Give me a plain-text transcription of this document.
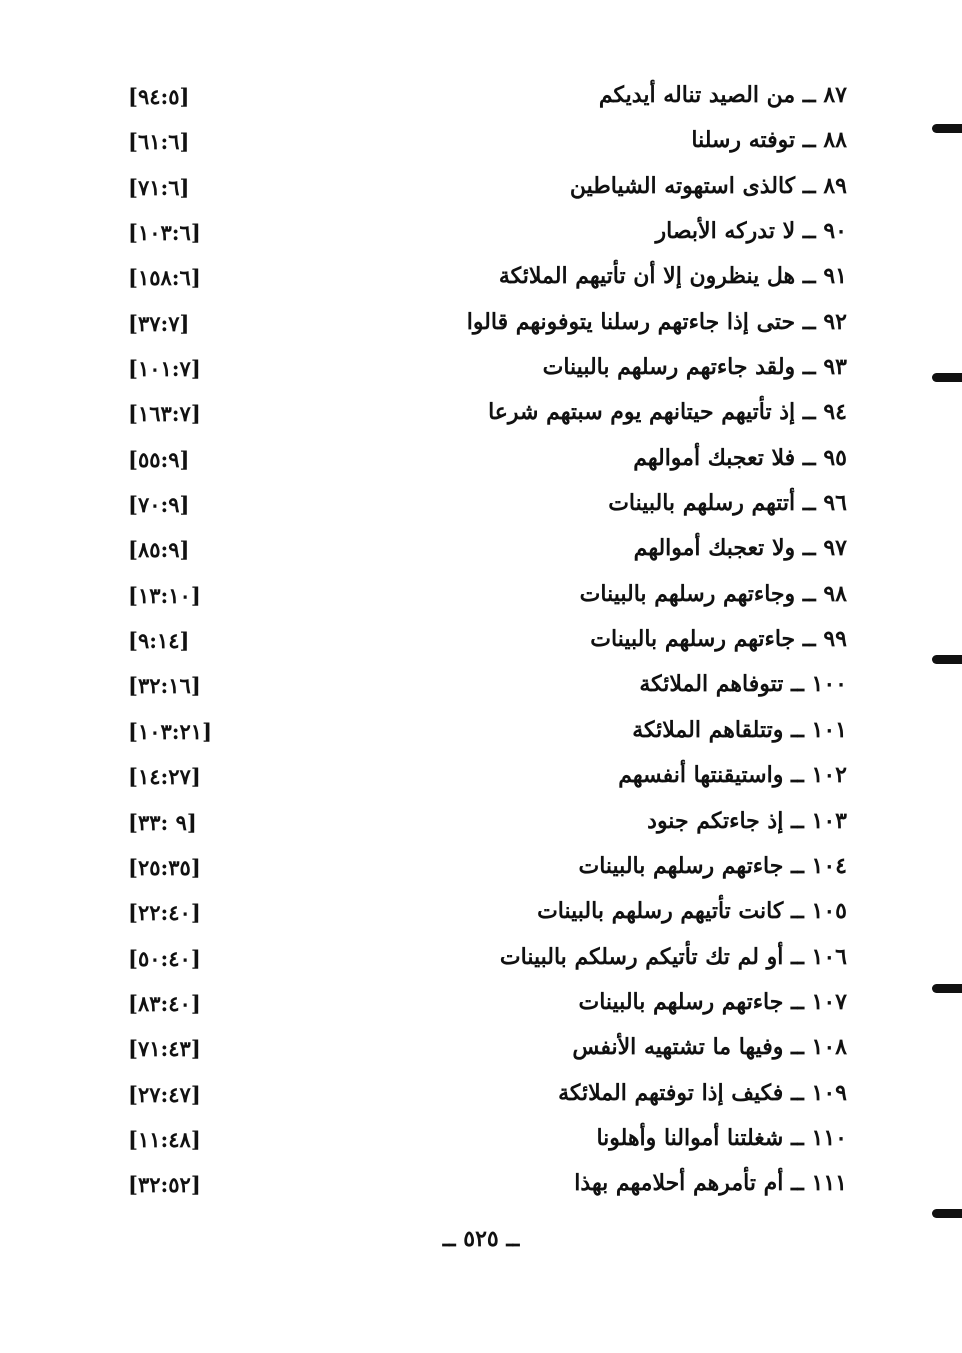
٨٧ ــ من الصيد تناله أيديكم
[٩٤:٥]
٨٨ ــ توفته رسلنا
[٦١:٦]
٨٩ ــ كالذى استهوته الشياطين
[٧١:٦]
٩٠ ــ لا تدركه الأبصار
[١٠٣:٦]
٩١ ــ هل ينظرون إلا أن تأتيهم الملائكة
[١٥٨:٦]
٩٢ ــ حتى إذا جاءتهم رسلنا يتوفونهم قالوا
[٣٧:٧]
٩٣ ــ ولقد جاءتهم رسلهم بالبينات
[١٠١:٧]
٩٤ ــ إذ تأتيهم حيتانهم يوم سبتهم شرعا
[١٦٣:٧]
٩٥ ــ فلا تعجبك أموالهم
[٥٥:٩]
٩٦ ــ أتتهم رسلهم بالبينات
[٧٠:٩]
٩٧ ــ ولا تعجبك أموالهم
[٨٥:٩]
٩٨ ــ وجاءتهم رسلهم بالبينات
[١٣:١٠]
٩٩ ــ جاءتهم رسلهم بالبينات
[٩:١٤]
١٠٠ ــ تتوفاهم الملائكة
[٣٢:١٦]
١٠١ ــ وتتلقاهم الملائكة
[١٠٣:٢١]
١٠٢ ــ واستيقنتها أنفسهم
[١٤:٢٧]
١٠٣ ــ إذ جاءتكم جنود
[٩ :٣٣]
١٠٤ ــ جاءتهم رسلهم بالبينات
[٢٥:٣٥]
١٠٥ ــ كانت تأتيهم رسلهم بالبينات
[٢٢:٤٠]
١٠٦ ــ أو لم تك تأتيكم رسلكم بالبينات
[٥٠:٤٠]
١٠٧ ــ جاءتهم رسلهم بالبينات
[٨٣:٤٠]
١٠٨ ــ وفيها ما تشتهيه الأنفس
[٧١:٤٣]
١٠٩ ــ فكيف إذا توفتهم الملائكة
[٢٧:٤٧]
١١٠ ــ شغلتنا أموالنا وأهلونا
[١١:٤٨]
١١١ ــ أم تأمرهم أحلامهم بهذا
[٣٢:٥٢]
ــ ٥٢٥ ــ
